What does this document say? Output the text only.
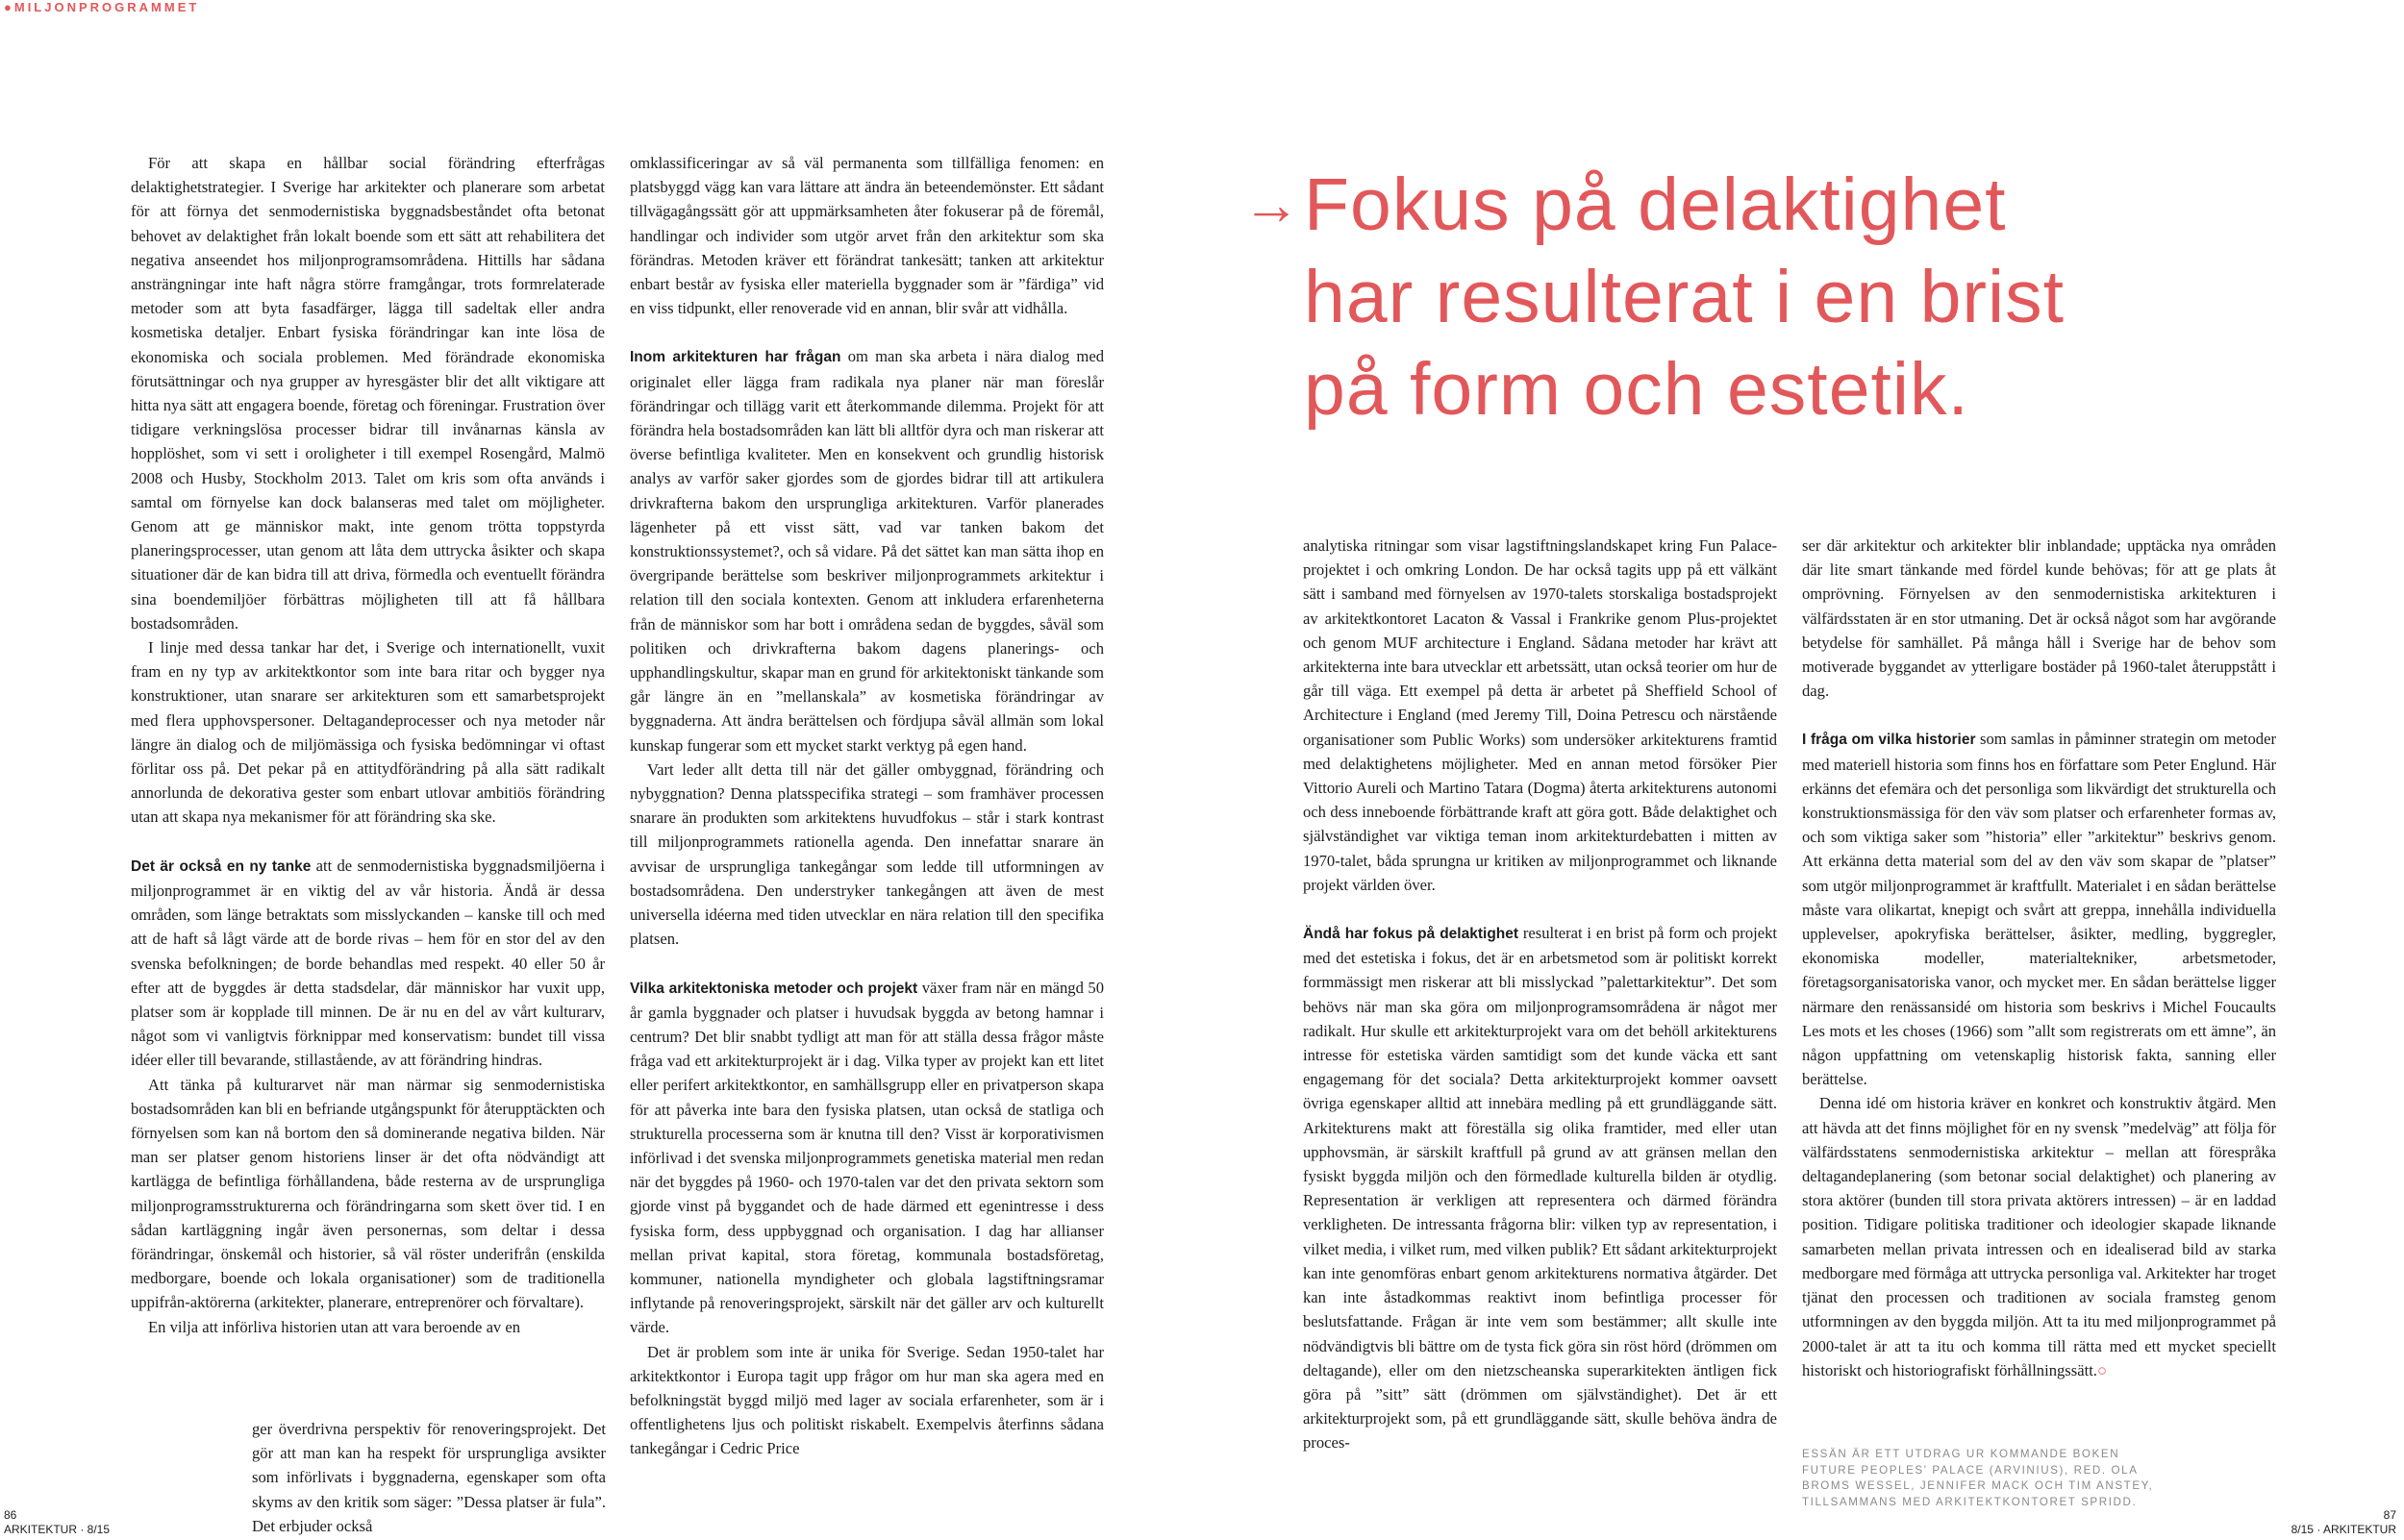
●MILJONPROGRAMMET

För att skapa en hållbar social förändring efterfrågas delaktighetstrategier. I Sverige har arkitekter och planerare som arbetat för att förnya det senmodernistiska byggnadsbeståndet ofta betonat behovet av delaktighet från lokalt boende som ett sätt att rehabilitera det negativa anseendet hos miljonprogramsområdena. Hittills har sådana ansträngningar inte haft några större framgångar, trots formrelaterade metoder som att byta fasadfärger, lägga till sadeltak eller andra kosmetiska detaljer. Enbart fysiska förändringar kan inte lösa de ekonomiska och sociala problemen. Med förändrade ekonomiska förutsättningar och nya grupper av hyresgäster blir det allt viktigare att hitta nya sätt att engagera boende, företag och föreningar. Frustration över tidigare verkningslösa processer bidrar till invånarnas känsla av hopplöshet, som vi sett i oroligheter i till exempel Rosengård, Malmö 2008 och Husby, Stockholm 2013. Talet om kris som ofta används i samtal om förnyelse kan dock balanseras med talet om möjligheter. Genom att ge människor makt, inte genom trötta toppstyrda planeringsprocesser, utan genom att låta dem uttrycka åsikter och skapa situationer där de kan bidra till att driva, förmedla och eventuellt förändra sina boendemiljöer förbättras möjligheten till att få hållbara bostadsområden.

I linje med dessa tankar har det, i Sverige och internationellt, vuxit fram en ny typ av arkitektkontor som inte bara ritar och bygger nya konstruktioner, utan snarare ser arkitekturen som ett samarbetsprojekt med flera upphovspersoner. Deltagandeprocesser och nya metoder når längre än dialog och de miljömässiga och fysiska bedömningar vi oftast förlitar oss på. Det pekar på en attitydförändring på alla sätt radikalt annorlunda de dekorativa gester som enbart utlovar ambitiös förändring utan att skapa nya mekanismer för att förändring ska ske.

Det är också en ny tanke att de senmodernistiska byggnadsmiljöerna i miljonprogrammet är en viktig del av vår historia. Ändå är dessa områden, som länge betraktats som misslyckanden – kanske till och med att de haft så lågt värde att de borde rivas – hem för en stor del av den svenska befolkningen; de borde behandlas med respekt. 40 eller 50 år efter att de byggdes är detta stadsdelar, där människor har vuxit upp, platser som är kopplade till minnen. De är nu en del av vårt kulturarv, något som vi vanligtvis förknippar med konservatism: bundet till vissa idéer eller till bevarande, stillastående, av att förändring hindras.

Att tänka på kulturarvet när man närmar sig senmodernistiska bostadsområden kan bli en befriande utgångspunkt för återupptäckten och förnyelsen som kan nå bortom den så dominerande negativa bilden. När man ser platser genom historiens linser är det ofta nödvändigt att kartlägga de befintliga förhållandena, både resterna av de ursprungliga miljonprogramsstrukturerna och förändringarna som skett över tid. I en sådan kartläggning ingår även personernas, som deltar i dessa förändringar, önskemål och historier, så väl röster underifrån (enskilda medborgare, boende och lokala organisationer) som de traditionella uppifrån-aktörerna (arkitekter, planerare, entreprenörer och förvaltare).

En vilja att införliva historien utan att vara beroende av en

ger överdrivna perspektiv för renoveringsprojekt. Det gör att man kan ha respekt för ursprungliga avsikter som införlivats i byggnaderna, egenskaper som ofta skyms av den kritik som säger: ”Dessa platser är fula”. Det erbjuder också

omklassificeringar av så väl permanenta som tillfälliga fenomen: en platsbyggd vägg kan vara lättare att ändra än beteendemönster. Ett sådant tillvägagångssätt gör att uppmärksamheten åter fokuserar på de föremål, handlingar och individer som utgör arvet från den arkitektur som ska förändras. Metoden kräver ett förändrat tankesätt; tanken att arkitektur enbart består av fysiska eller materiella byggnader som är ”färdiga” vid en viss tidpunkt, eller renoverade vid en annan, blir svår att vidhålla.

Inom arkitekturen har frågan om man ska arbeta i nära dialog med originalet eller lägga fram radikala nya planer när man föreslår förändringar och tillägg varit ett återkommande dilemma. Projekt för att förändra hela bostadsområden kan lätt bli alltför dyra och man riskerar att överse befintliga kvaliteter. Men en konsekvent och grundlig historisk analys av varför saker gjordes som de gjordes bidrar till att artikulera drivkrafterna bakom den ursprungliga arkitekturen. Varför planerades lägenheter på ett visst sätt, vad var tanken bakom det konstruktionssystemet?, och så vidare. På det sättet kan man sätta ihop en övergripande berättelse som beskriver miljonprogrammets arkitektur i relation till den sociala kontexten. Genom att inkludera erfarenheterna från de människor som har bott i områdena sedan de byggdes, såväl som politiken och drivkrafterna bakom dagens planerings- och upphandlingskultur, skapar man en grund för arkitektoniskt tänkande som går längre än en ”mellanskala” av kosmetiska förändringar av byggnaderna. Att ändra berättelsen och fördjupa såväl allmän som lokal kunskap fungerar som ett mycket starkt verktyg på egen hand.

Vart leder allt detta till när det gäller ombyggnad, förändring och nybyggnation? Denna platsspecifika strategi – som framhäver processen snarare än produkten som arkitektens huvudfokus – står i stark kontrast till miljonprogrammets rationella agenda. Den innefattar snarare än avvisar de ursprungliga tankegångar som ledde till utformningen av bostadsområdena. Den understryker tankegången att även de mest universella idéerna med tiden utvecklar en nära relation till den specifika platsen.

Vilka arkitektoniska metoder och projekt växer fram när en mängd 50 år gamla byggnader och platser i huvudsak byggda av betong hamnar i centrum? Det blir snabbt tydligt att man för att ställa dessa frågor måste fråga vad ett arkitekturprojekt är i dag. Vilka typer av projekt kan ett litet eller perifert arkitektkontor, en samhällsgrupp eller en privatperson skapa för att påverka inte bara den fysiska platsen, utan också de statliga och strukturella processerna som är knutna till den? Visst är korporativismen införlivad i det svenska miljonprogrammets genetiska material men redan när det byggdes på 1960- och 1970-talen var det den privata sektorn som gjorde vinst på byggandet och de hade därmed ett egenintresse i dess fysiska form, dess uppbyggnad och organisation. I dag har allianser mellan privat kapital, stora företag, kommunala bostadsföretag, kommuner, nationella myndigheter och globala lagstiftningsramar inflytande på renoveringsprojekt, särskilt när det gäller arv och kulturellt värde.

Det är problem som inte är unika för Sverige. Sedan 1950-talet har arkitektkontor i Europa tagit upp frågor om hur man ska agera med en befolkningstät byggd miljö med lager av sociala erfarenheter, som är i offentlighetens ljus och politiskt riskabelt. Exempelvis återfinns sådana tankegångar i Cedric Price

→ Fokus på delaktighet
har resulterat i en brist
på form och estetik.

analytiska ritningar som visar lagstiftningslandskapet kring Fun Palace-projektet i och omkring London. De har också tagits upp på ett välkänt sätt i samband med förnyelsen av 1970-talets storskaliga bostadsprojekt av arkitektkontoret Lacaton & Vassal i Frankrike genom Plus-projektet och genom MUF architecture i England. Sådana metoder har krävt att arkitekterna inte bara utvecklar ett arbetssätt, utan också teorier om hur de går till väga. Ett exempel på detta är arbetet på Sheffield School of Architecture i England (med Jeremy Till, Doina Petrescu och närstående organisationer som Public Works) som undersöker arkitekturens framtid med delaktighetens möjligheter. Med en annan metod försöker Pier Vittorio Aureli och Martino Tatara (Dogma) återta arkitekturens autonomi och dess inneboende förbättrande kraft att göra gott. Både delaktighet och självständighet var viktiga teman inom arkitekturdebatten i mitten av 1970-talet, båda sprungna ur kritiken av miljonprogrammet och liknande projekt världen över.

Ändå har fokus på delaktighet resulterat i en brist på form och projekt med det estetiska i fokus, det är en arbetsmetod som är politiskt korrekt formmässigt men riskerar att bli misslyckad ”palettarkitektur”. Det som behövs när man ska göra om miljonprogramsområdena är något mer radikalt. Hur skulle ett arkitekturprojekt vara om det behöll arkitekturens intresse för estetiska värden samtidigt som det kunde väcka ett sant engagemang för det sociala? Detta arkitekturprojekt kommer oavsett övriga egenskaper alltid att innebära medling på ett grundläggande sätt. Arkitekturens makt att föreställa sig olika framtider, med eller utan upphovsmän, är särskilt kraftfull på grund av att gränsen mellan den fysiskt byggda miljön och den förmedlade kulturella bilden är otydlig. Representation är verkligen att representera och därmed förändra verkligheten. De intressanta frågorna blir: vilken typ av representation, i vilket media, i vilket rum, med vilken publik? Ett sådant arkitekturprojekt kan inte genomföras enbart genom arkitekturens normativa åtgärder. Det kan inte åstadkommas reaktivt inom befintliga processer för beslutsfattande. Frågan är inte vem som bestämmer; allt skulle inte nödvändigtvis bli bättre om de tysta fick göra sin röst hörd (drömmen om deltagande), eller om den nietzscheanska superarkitekten äntligen fick göra på ”sitt” sätt (drömmen om självständighet). Det är ett arkitekturprojekt som, på ett grundläggande sätt, skulle behöva ändra de proces-

ser där arkitektur och arkitekter blir inblandade; upptäcka nya områden där lite smart tänkande med fördel kunde behövas; för att ge plats åt omprövning. Förnyelsen av den senmodernistiska arkitekturen i välfärdsstaten är en stor utmaning. Det är också något som har avgörande betydelse för samhället. På många håll i Sverige har de behov som motiverade byggandet av ytterligare bostäder på 1960-talet återuppstått i dag.

I fråga om vilka historier som samlas in påminner strategin om metoder med materiell historia som finns hos en författare som Peter Englund. Här erkänns det efemära och det personliga som likvärdigt det strukturella och konstruktionsmässiga för den väv som platser och erfarenheter formas av, och som viktiga saker som ”historia” eller ”arkitektur” beskrivs genom. Att erkänna detta material som del av den väv som skapar de ”platser” som utgör miljonprogrammet är kraftfullt. Materialet i en sådan berättelse måste vara olikartat, knepigt och svårt att greppa, innehålla individuella upplevelser, apokryfiska berättelser, åsikter, medling, byggregler, ekonomiska modeller, materialtekniker, arbetsmetoder, företagsorganisatoriska vanor, och mycket mer. En sådan berättelse ligger närmare den renässansidé om historia som beskrivs i Michel Foucaults Les mots et les choses (1966) som ”allt som registrerats om ett ämne”, än någon uppfattning om vetenskaplig historisk fakta, sanning eller berättelse.

Denna idé om historia kräver en konkret och konstruktiv åtgärd. Men att hävda att det finns möjlighet för en ny svensk ”medelväg” att följa för välfärdsstatens senmodernistiska arkitektur – mellan att förespråka deltagandeplanering (som betonar social delaktighet) och planering av stora aktörer (bunden till stora privata aktörers intressen) – är en laddad position. Tidigare politiska traditioner och ideologier skapade liknande samarbeten mellan privata intressen och en idealiserad bild av starka medborgare med förmåga att uttrycka personliga val. Arkitekter har troget tjänat den processen och traditionen av sociala framsteg genom utformningen av den byggda miljön. Att ta itu med miljonprogrammet på 2000-talet är att ta itu och komma till rätta med ett mycket speciellt historiskt och historiografiskt förhållningssätt.○

ESSÄN ÄR ETT UTDRAG UR KOMMANDE BOKEN FUTURE PEOPLES' PALACE (ARVINIUS), RED. OLA BROMS WESSEL, JENNIFER MACK OCH TIM ANSTEY, TILLSAMMANS MED ARKITEKTKONTORET SPRIDD.
86
ARKITEKTUR · 8/15
87
8/15 · ARKITEKTUR
